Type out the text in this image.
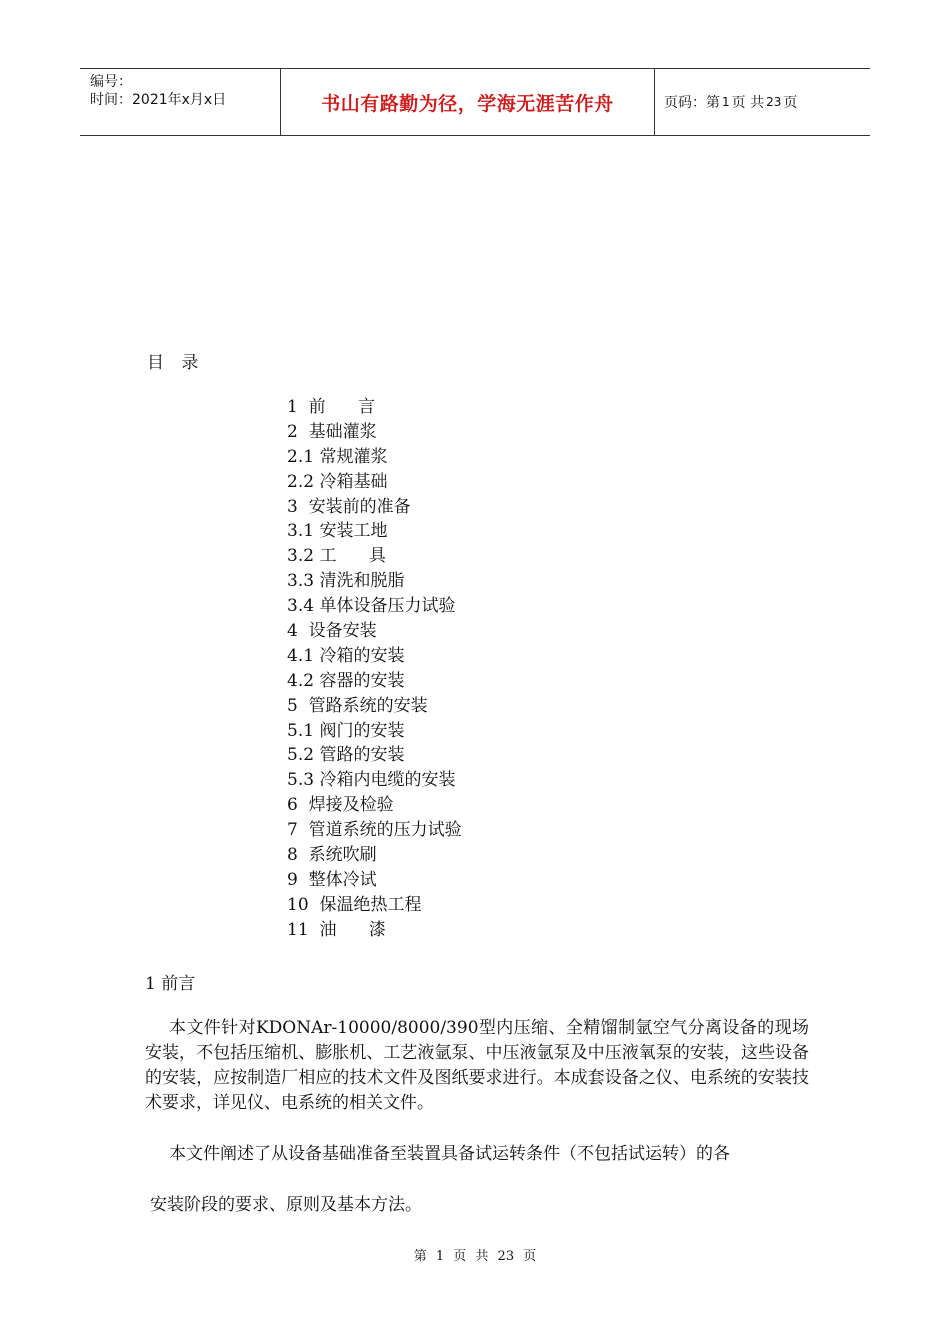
编号：
时间：2021年x月x日	书山有路勤为径，学海无涯苦作舟	页码：第 1 页 共 23 页
目 录
1  前      言
2  基础灌浆
2.1 常规灌浆
2.2 冷箱基础
3  安装前的准备
3.1 安装工地
3.2 工      具
3.3 清洗和脱脂
3.4 单体设备压力试验
4  设备安装
4.1 冷箱的安装
4.2 容器的安装
5  管路系统的安装
5.1 阀门的安装
5.2 管路的安装
5.3 冷箱内电缆的安装
6  焊接及检验
7  管道系统的压力试验
8  系统吹刷
9  整体冷试
10  保温绝热工程
11  油      漆
1 前言

本文件针对KDONAr-10000/8000/390型内压缩、全精馏制氩空气分离设备的现场安装，不包括压缩机、膨胀机、工艺液氩泵、中压液氩泵及中压液氧泵的安装，这些设备的安装，应按制造厂相应的技术文件及图纸要求进行。本成套设备之仪、电系统的安装技术要求，详见仪、电系统的相关文件。

本文件阐述了从设备基础准备至装置具备试运转条件（不包括试运转）的各

安装阶段的要求、原则及基本方法。

第 1 页 共 23 页
